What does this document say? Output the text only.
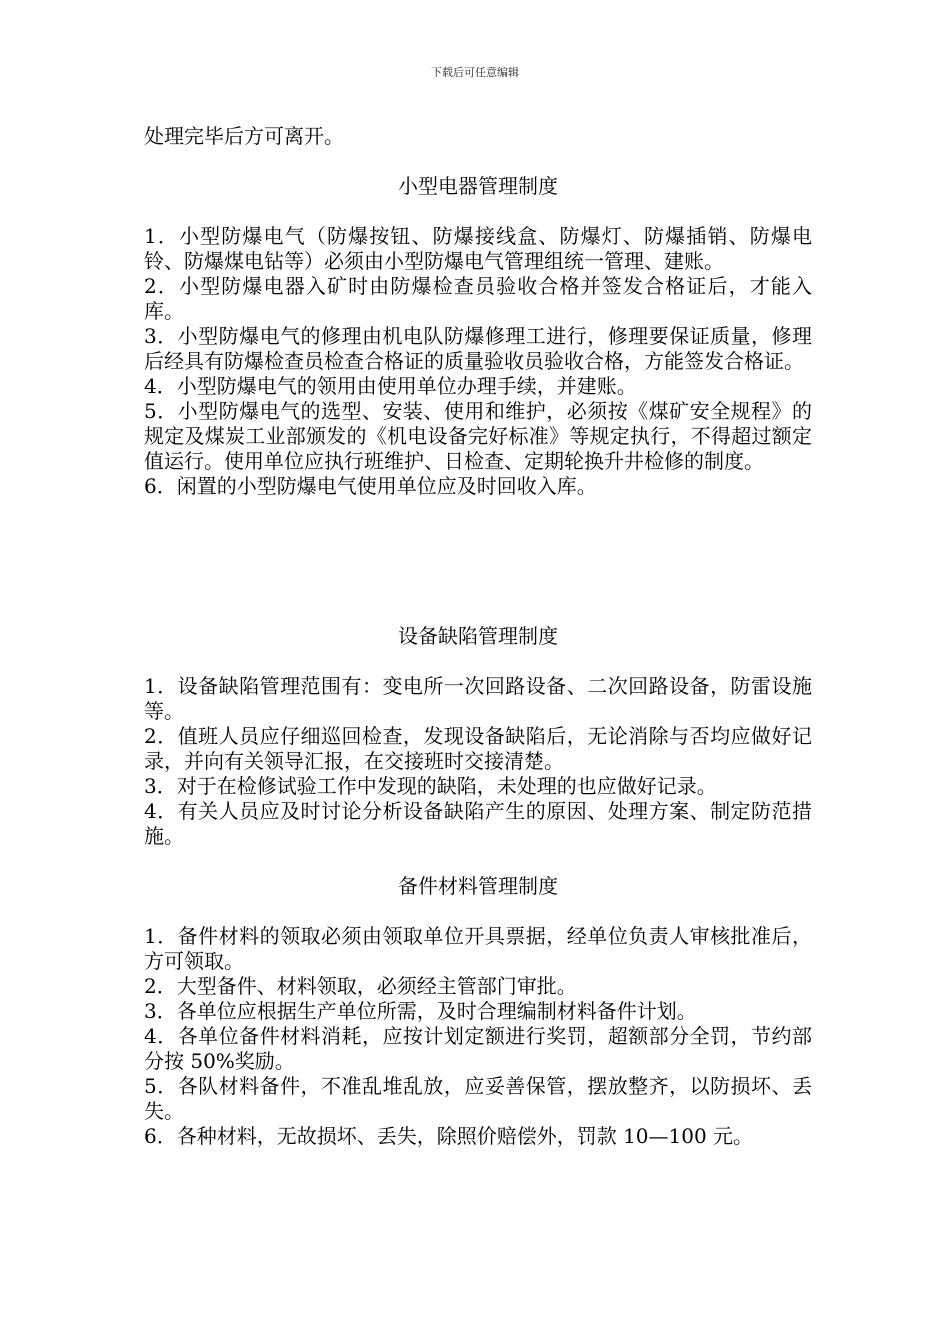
下载后可任意编辑

处理完毕后方可离开。

小型电器管理制度

1．小型防爆电气（防爆按钮、防爆接线盒、防爆灯、防爆插销、防爆电铃、防爆煤电钻等）必须由小型防爆电气管理组统一管理、建账。

2．小型防爆电器入矿时由防爆检查员验收合格并签发合格证后，才能入库。

3．小型防爆电气的修理由机电队防爆修理工进行，修理要保证质量，修理后经具有防爆检查员检查合格证的质量验收员验收合格，方能签发合格证。

4．小型防爆电气的领用由使用单位办理手续，并建账。

5．小型防爆电气的选型、安装、使用和维护，必须按《煤矿安全规程》的规定及煤炭工业部颁发的《机电设备完好标准》等规定执行，不得超过额定值运行。使用单位应执行班维护、日检查、定期轮换升井检修的制度。

6．闲置的小型防爆电气使用单位应及时回收入库。

设备缺陷管理制度

1．设备缺陷管理范围有：变电所一次回路设备、二次回路设备，防雷设施等。

2．值班人员应仔细巡回检查，发现设备缺陷后，无论消除与否均应做好记录，并向有关领导汇报，在交接班时交接清楚。

3．对于在检修试验工作中发现的缺陷，未处理的也应做好记录。

4．有关人员应及时讨论分析设备缺陷产生的原因、处理方案、制定防范措施。

备件材料管理制度

1．备件材料的领取必须由领取单位开具票据，经单位负责人审核批准后，方可领取。

2．大型备件、材料领取，必须经主管部门审批。

3．各单位应根据生产单位所需，及时合理编制材料备件计划。

4．各单位备件材料消耗，应按计划定额进行奖罚，超额部分全罚，节约部分按 50%奖励。

5．各队材料备件，不准乱堆乱放，应妥善保管，摆放整齐，以防损坏、丢失。

6．各种材料，无故损坏、丢失，除照价赔偿外，罚款 10—100 元。
